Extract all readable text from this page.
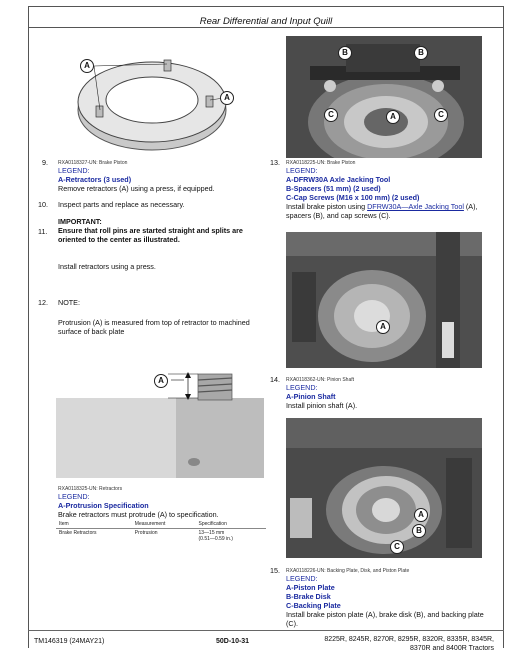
Rear Differential and Input Quill
A
A
9. RXA0118327-UN: Brake Piston
LEGEND:
A-Retractors (3 used)
Remove retractors (A) using a press, if equipped.
10. Inspect parts and replace as necessary.
IMPORTANT:
11. Ensure that roll pins are started straight and splits are oriented to the center as illustrated.
Install retractors using a press.
12. NOTE:
Protrusion (A) is measured from top of retractor to machined surface of back plate
A
RXA0118325-UN: Retractors
LEGEND:
A-Protrusion Specification
Brake retractors must protrude (A) to specification.
Item	Measurement	Specification
Brake Retractors	Protrusion	13—15 mm
(0.51—0.59 in.)
B	B
C	A	C
13. RXA0118225-UN: Brake Piston
LEGEND:
A-DFRW30A Axle Jacking Tool
B-Spacers (51 mm) (2 used)
C-Cap Screws (M16 x 100 mm) (2 used)
Install brake piston using DFRW30A—Axle Jacking Tool (A), spacers (B), and cap screws (C).
A
14. RXA0118362-UN: Pinion Shaft
LEGEND:
A-Pinion Shaft
Install pinion shaft (A).
A
B
C
15. RXA0118226-UN: Backing Plate, Disk, and Piston Plate
LEGEND:
A-Piston Plate
B-Brake Disk
C-Backing Plate
Install brake piston plate (A), brake disk (B), and backing plate (C).
TM146319 (24MAY21)	50D-10-31	8225R, 8245R, 8270R, 8295R, 8320R, 8335R, 8345R,
8370R and 8400R Tractors
